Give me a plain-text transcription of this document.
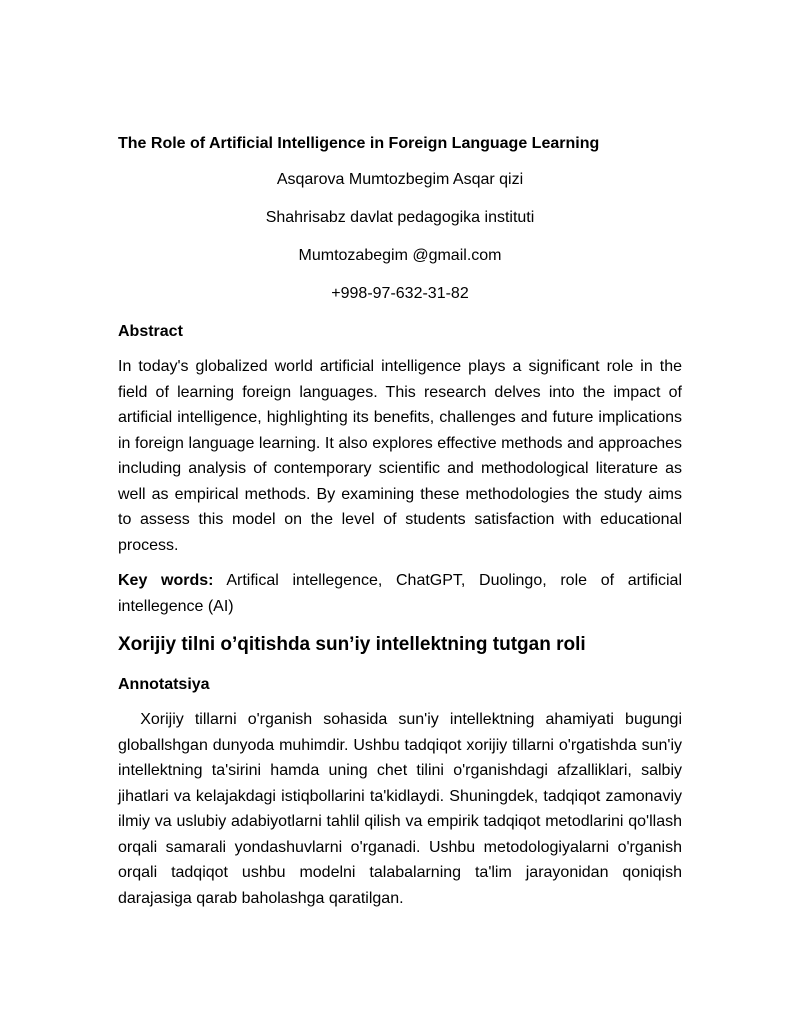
The Role of Artificial Intelligence in Foreign Language Learning
Asqarova Mumtozbegim Asqar qizi
Shahrisabz davlat pedagogika instituti
Mumtozabegim @gmail.com
+998-97-632-31-82
Abstract
In today's globalized world artificial intelligence plays a significant role in the field of learning foreign languages. This research delves into the impact of artificial intelligence, highlighting its benefits, challenges and future implications in foreign language learning. It also explores effective methods and approaches including analysis of contemporary scientific and methodological literature as well as empirical methods. By examining these methodologies the study aims to assess this model on the level of students satisfaction with educational process.
Key words: Artifical intellegence, ChatGPT, Duolingo, role of artificial intellegence (AI)
Xorijiy tilni o’qitishda sun’iy intellektning tutgan roli
Annotatsiya
Xorijiy tillarni o'rganish sohasida sun'iy intellektning ahamiyati bugungi globallshgan dunyoda muhimdir. Ushbu tadqiqot xorijiy tillarni o'rgatishda sun'iy intellektning ta'sirini hamda uning chet tilini o'rganishdagi afzalliklari, salbiy jihatlari va kelajakdagi istiqbollarini ta'kidlaydi. Shuningdek, tadqiqot zamonaviy ilmiy va uslubiy adabiyotlarni tahlil qilish va empirik tadqiqot metodlarini qo'llash orqali samarali yondashuvlarni o'rganadi. Ushbu metodologiyalarni o'rganish orqali tadqiqot ushbu modelni talabalarning ta'lim jarayonidan qoniqish darajasiga qarab baholashga qaratilgan.
